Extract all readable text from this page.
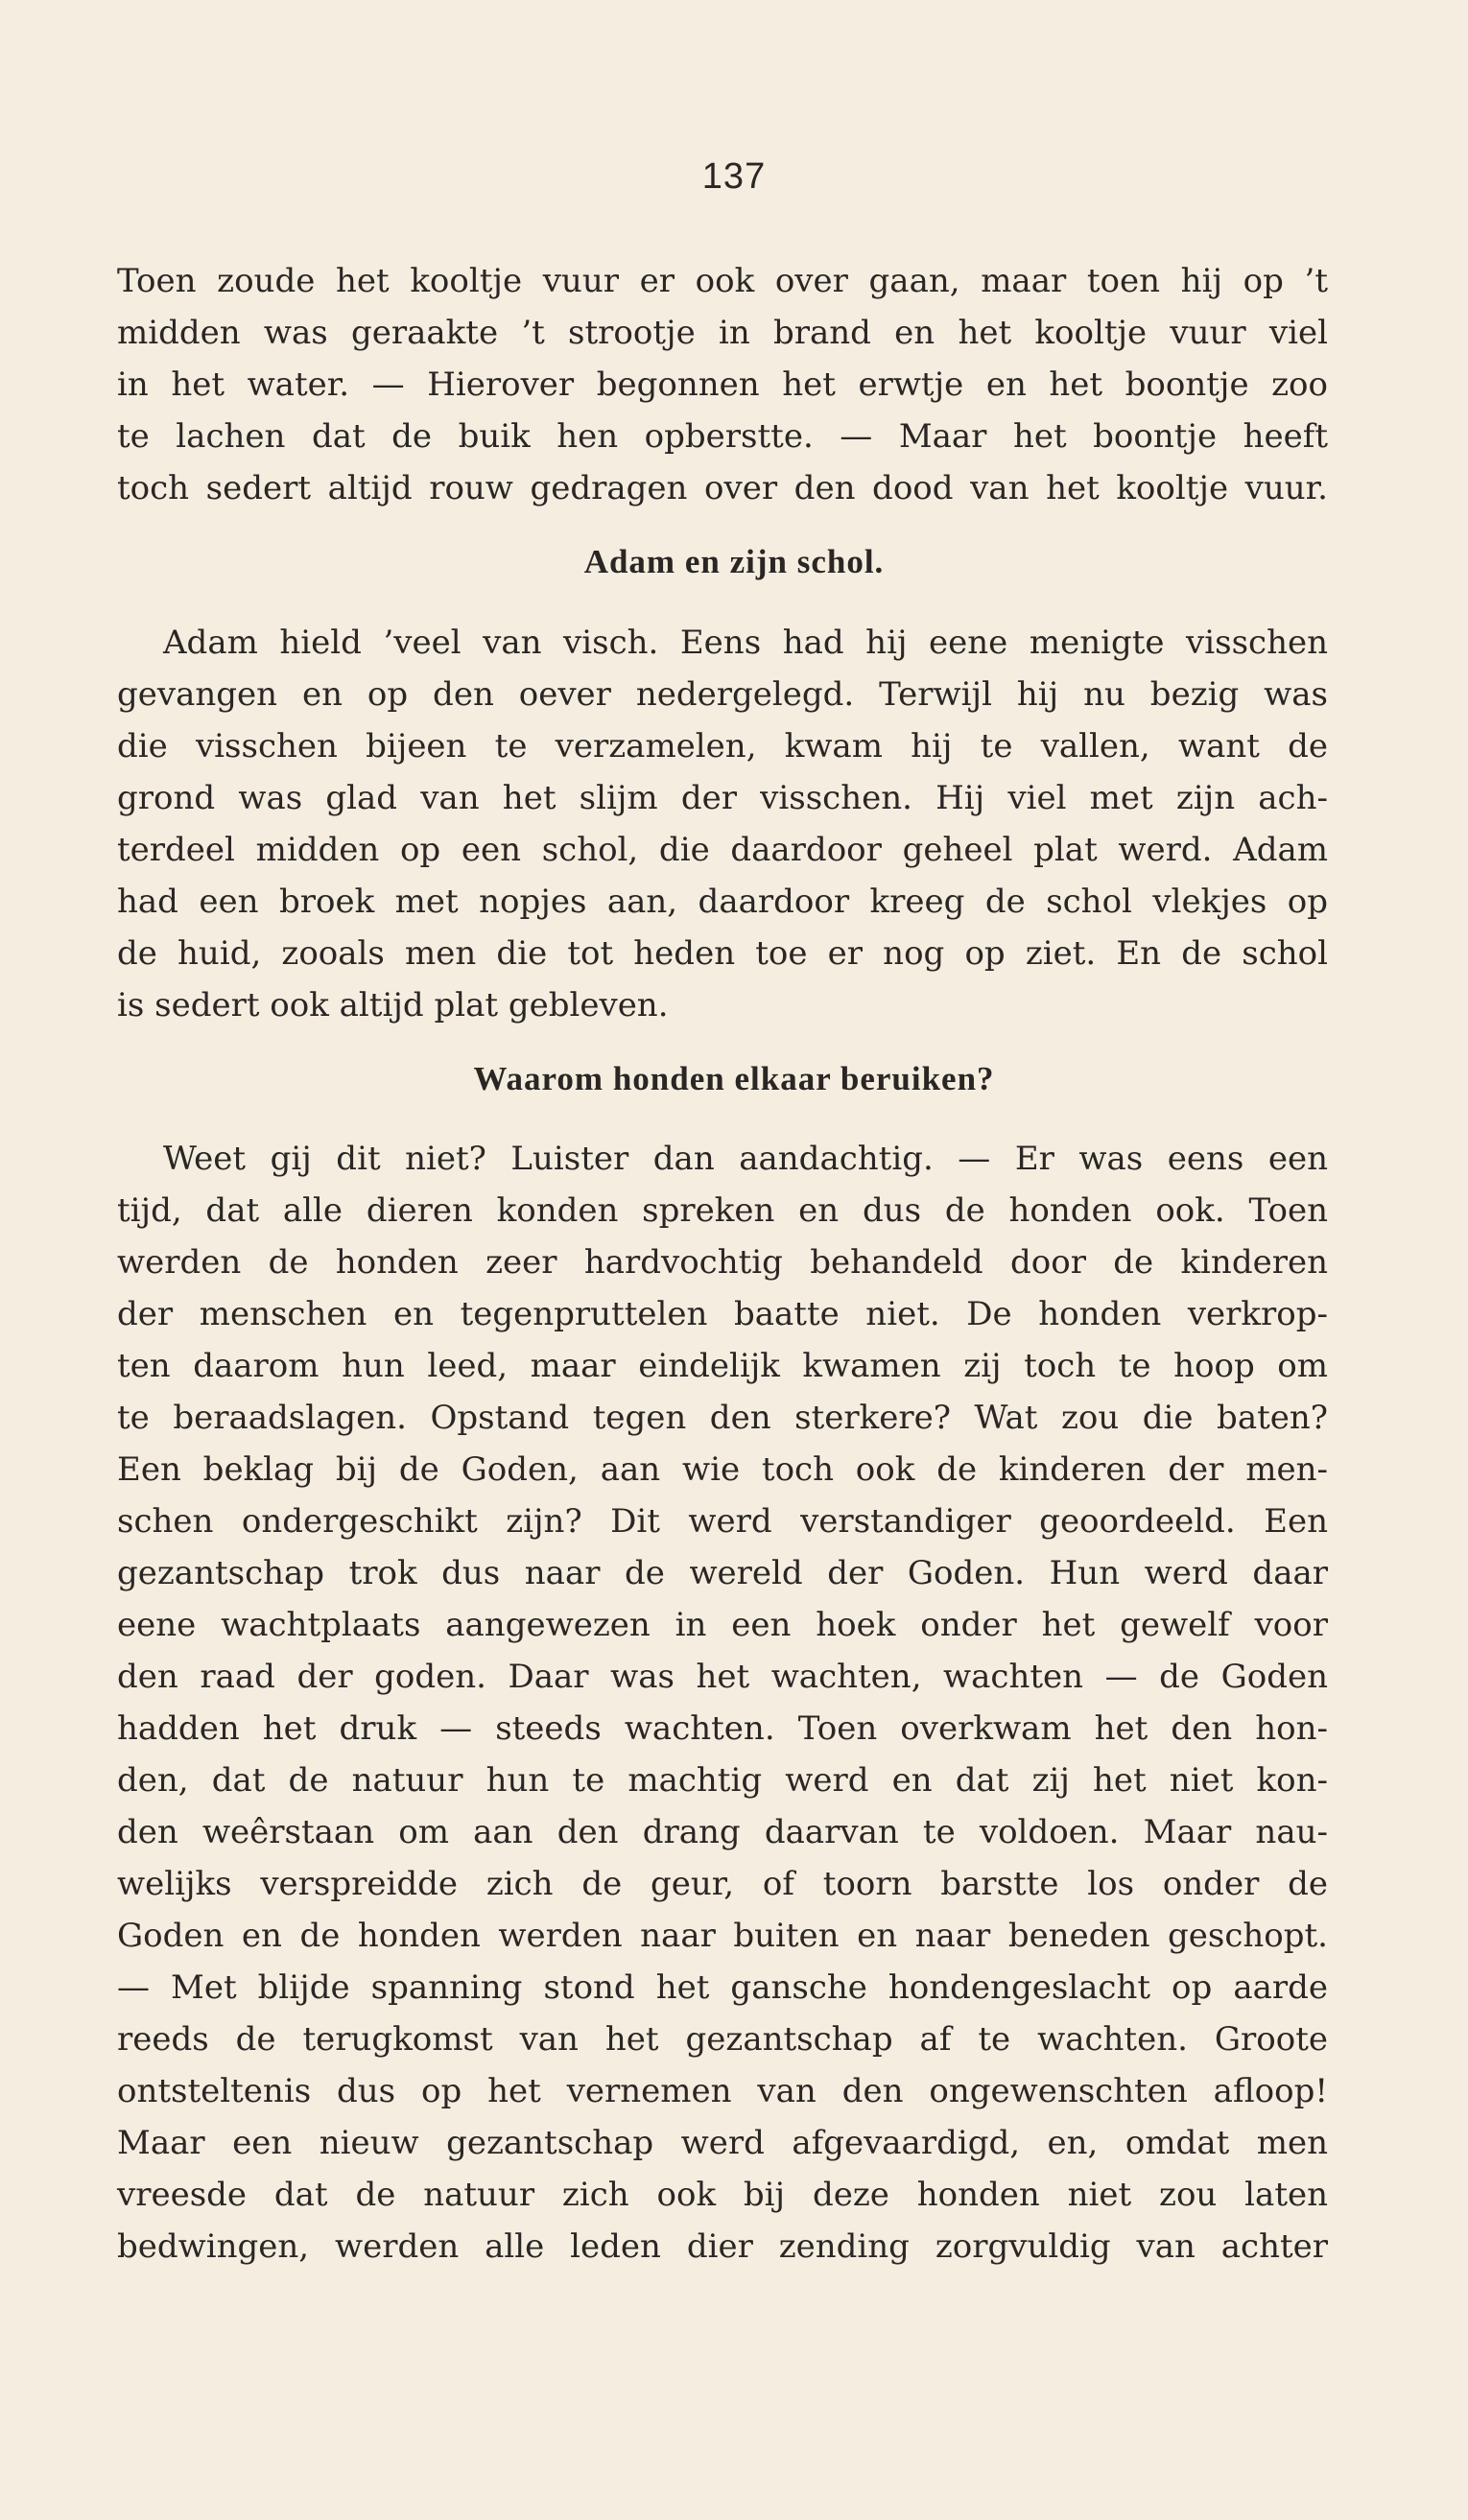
137
Toen zoude het kooltje vuur er ook over gaan, maar toen hij op ’t
midden was geraakte ’t strootje in brand en het kooltje vuur viel
in het water. — Hierover begonnen het erwtje en het boontje zoo
te lachen dat de buik hen opberstte. — Maar het boontje heeft
toch sedert altijd rouw gedragen over den dood van het kooltje vuur.
Adam en zijn schol.
Adam hield ’veel van visch. Eens had hij eene menigte visschen
gevangen en op den oever nedergelegd. Terwijl hij nu bezig was
die visschen bijeen te verzamelen, kwam hij te vallen, want de
grond was glad van het slijm der visschen. Hij viel met zijn ach-
terdeel midden op een schol, die daardoor geheel plat werd. Adam
had een broek met nopjes aan, daardoor kreeg de schol vlekjes op
de huid, zooals men die tot heden toe er nog op ziet. En de schol
is sedert ook altijd plat gebleven.
Waarom honden elkaar beruiken?
Weet gij dit niet? Luister dan aandachtig. — Er was eens een
tijd, dat alle dieren konden spreken en dus de honden ook. Toen
werden de honden zeer hardvochtig behandeld door de kinderen
der menschen en tegenpruttelen baatte niet. De honden verkrop-
ten daarom hun leed, maar eindelijk kwamen zij toch te hoop om
te beraadslagen. Opstand tegen den sterkere? Wat zou die baten?
Een beklag bij de Goden, aan wie toch ook de kinderen der men-
schen ondergeschikt zijn? Dit werd verstandiger geoordeeld. Een
gezantschap trok dus naar de wereld der Goden. Hun werd daar
eene wachtplaats aangewezen in een hoek onder het gewelf voor
den raad der goden. Daar was het wachten, wachten — de Goden
hadden het druk — steeds wachten. Toen overkwam het den hon-
den, dat de natuur hun te machtig werd en dat zij het niet kon-
den weêrstaan om aan den drang daarvan te voldoen. Maar nau-
welijks verspreidde zich de geur, of toorn barstte los onder de
Goden en de honden werden naar buiten en naar beneden geschopt.
— Met blijde spanning stond het gansche hondengeslacht op aarde
reeds de terugkomst van het gezantschap af te wachten. Groote
ontsteltenis dus op het vernemen van den ongewenschten afloop!
Maar een nieuw gezantschap werd afgevaardigd, en, omdat men
vreesde dat de natuur zich ook bij deze honden niet zou laten
bedwingen, werden alle leden dier zending zorgvuldig van achter
